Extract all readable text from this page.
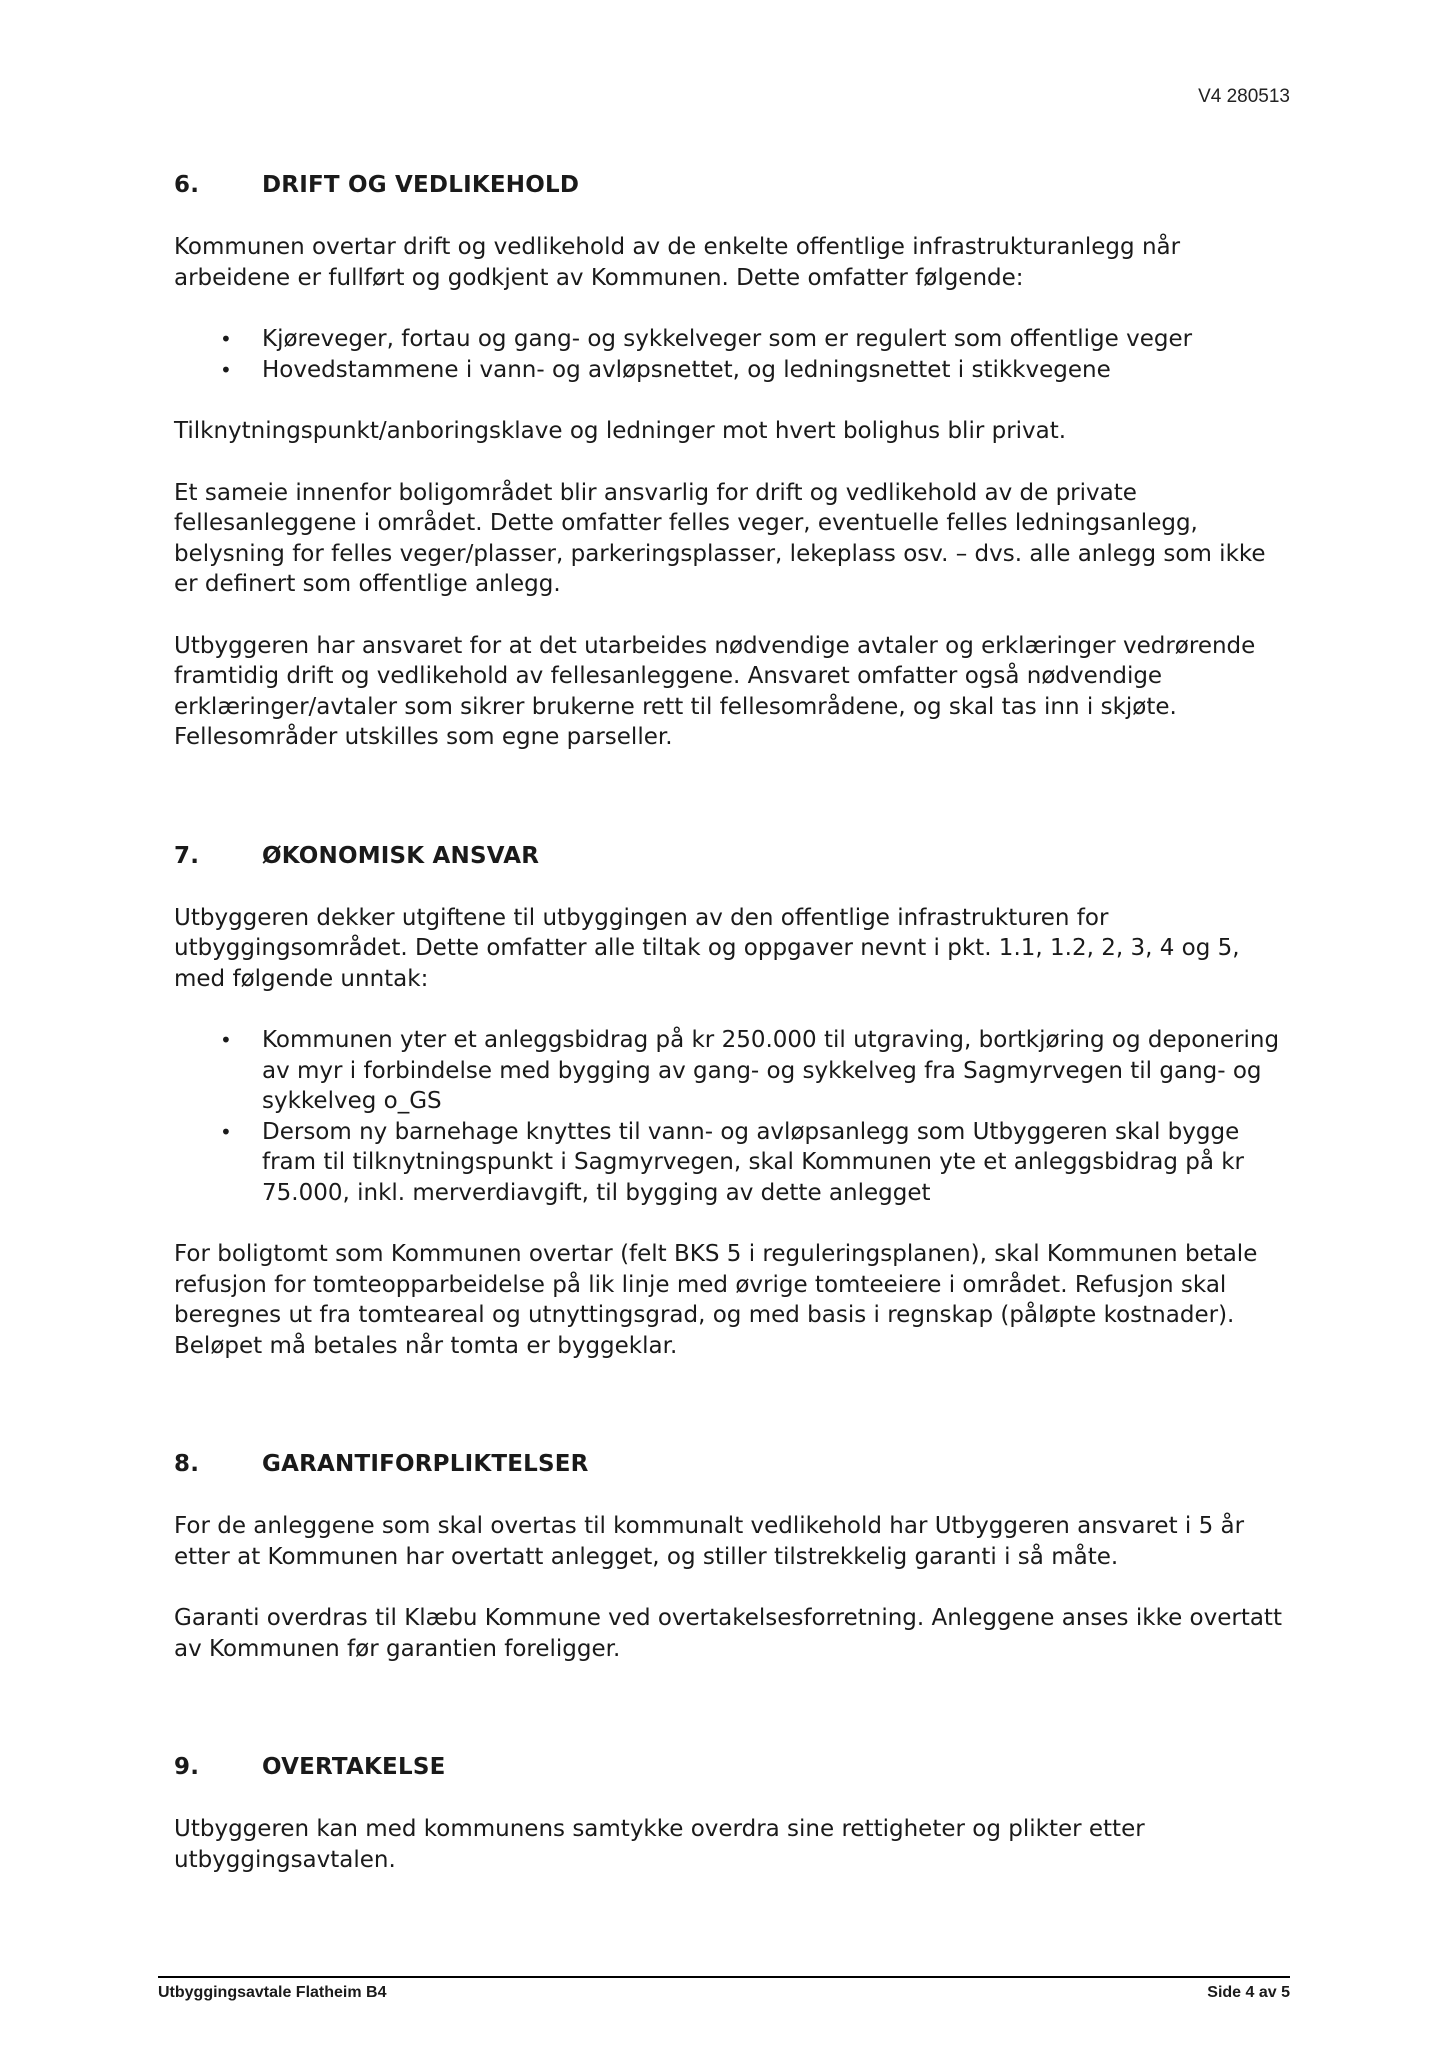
V4 280513
6.	DRIFT OG VEDLIKEHOLD

Kommunen overtar drift og vedlikehold av de enkelte offentlige infrastrukturanlegg når arbeidene er fullført og godkjent av Kommunen. Dette omfatter følgende:

• Kjøreveger, fortau og gang- og sykkelveger som er regulert som offentlige veger
• Hovedstammene i vann- og avløpsnettet, og ledningsnettet i stikkvegene

Tilknytningspunkt/anboringsklave og ledninger mot hvert bolighus blir privat.

Et sameie innenfor boligområdet blir ansvarlig for drift og vedlikehold av de private fellesanleggene i området. Dette omfatter felles veger, eventuelle felles ledningsanlegg, belysning for felles veger/plasser, parkeringsplasser, lekeplass osv. – dvs. alle anlegg som ikke er definert som offentlige anlegg.

Utbyggeren har ansvaret for at det utarbeides nødvendige avtaler og erklæringer vedrørende framtidig drift og vedlikehold av fellesanleggene. Ansvaret omfatter også nødvendige erklæringer/avtaler som sikrer brukerne rett til fellesområdene, og skal tas inn i skjøte. Fellesområder utskilles som egne parseller.

7.	ØKONOMISK ANSVAR

Utbyggeren dekker utgiftene til utbyggingen av den offentlige infrastrukturen for utbyggingsområdet. Dette omfatter alle tiltak og oppgaver nevnt i pkt. 1.1, 1.2, 2, 3, 4 og 5, med følgende unntak:

• Kommunen yter et anleggsbidrag på kr 250.000 til utgraving, bortkjøring og deponering av myr i forbindelse med bygging av gang- og sykkelveg fra Sagmyrvegen til gang- og sykkelveg o_GS
• Dersom ny barnehage knyttes til vann- og avløpsanlegg som Utbyggeren skal bygge fram til tilknytningspunkt i Sagmyrvegen, skal Kommunen yte et anleggsbidrag på kr 75.000, inkl. merverdiavgift, til bygging av dette anlegget

For boligtomt som Kommunen overtar (felt BKS 5 i reguleringsplanen), skal Kommunen betale refusjon for tomteopparbeidelse på lik linje med øvrige tomteeiere i området. Refusjon skal beregnes ut fra tomteareal og utnyttingsgrad, og med basis i regnskap (påløpte kostnader). Beløpet må betales når tomta er byggeklar.

8.	GARANTIFORPLIKTELSER

For de anleggene som skal overtas til kommunalt vedlikehold har Utbyggeren ansvaret i 5 år etter at Kommunen har overtatt anlegget, og stiller tilstrekkelig garanti i så måte.

Garanti overdras til Klæbu Kommune ved overtakelsesforretning. Anleggene anses ikke overtatt av Kommunen før garantien foreligger.

9.	OVERTAKELSE

Utbyggeren kan med kommunens samtykke overdra sine rettigheter og plikter etter utbyggingsavtalen.

Utbyggingsavtale Flatheim B4	Side 4 av 5
